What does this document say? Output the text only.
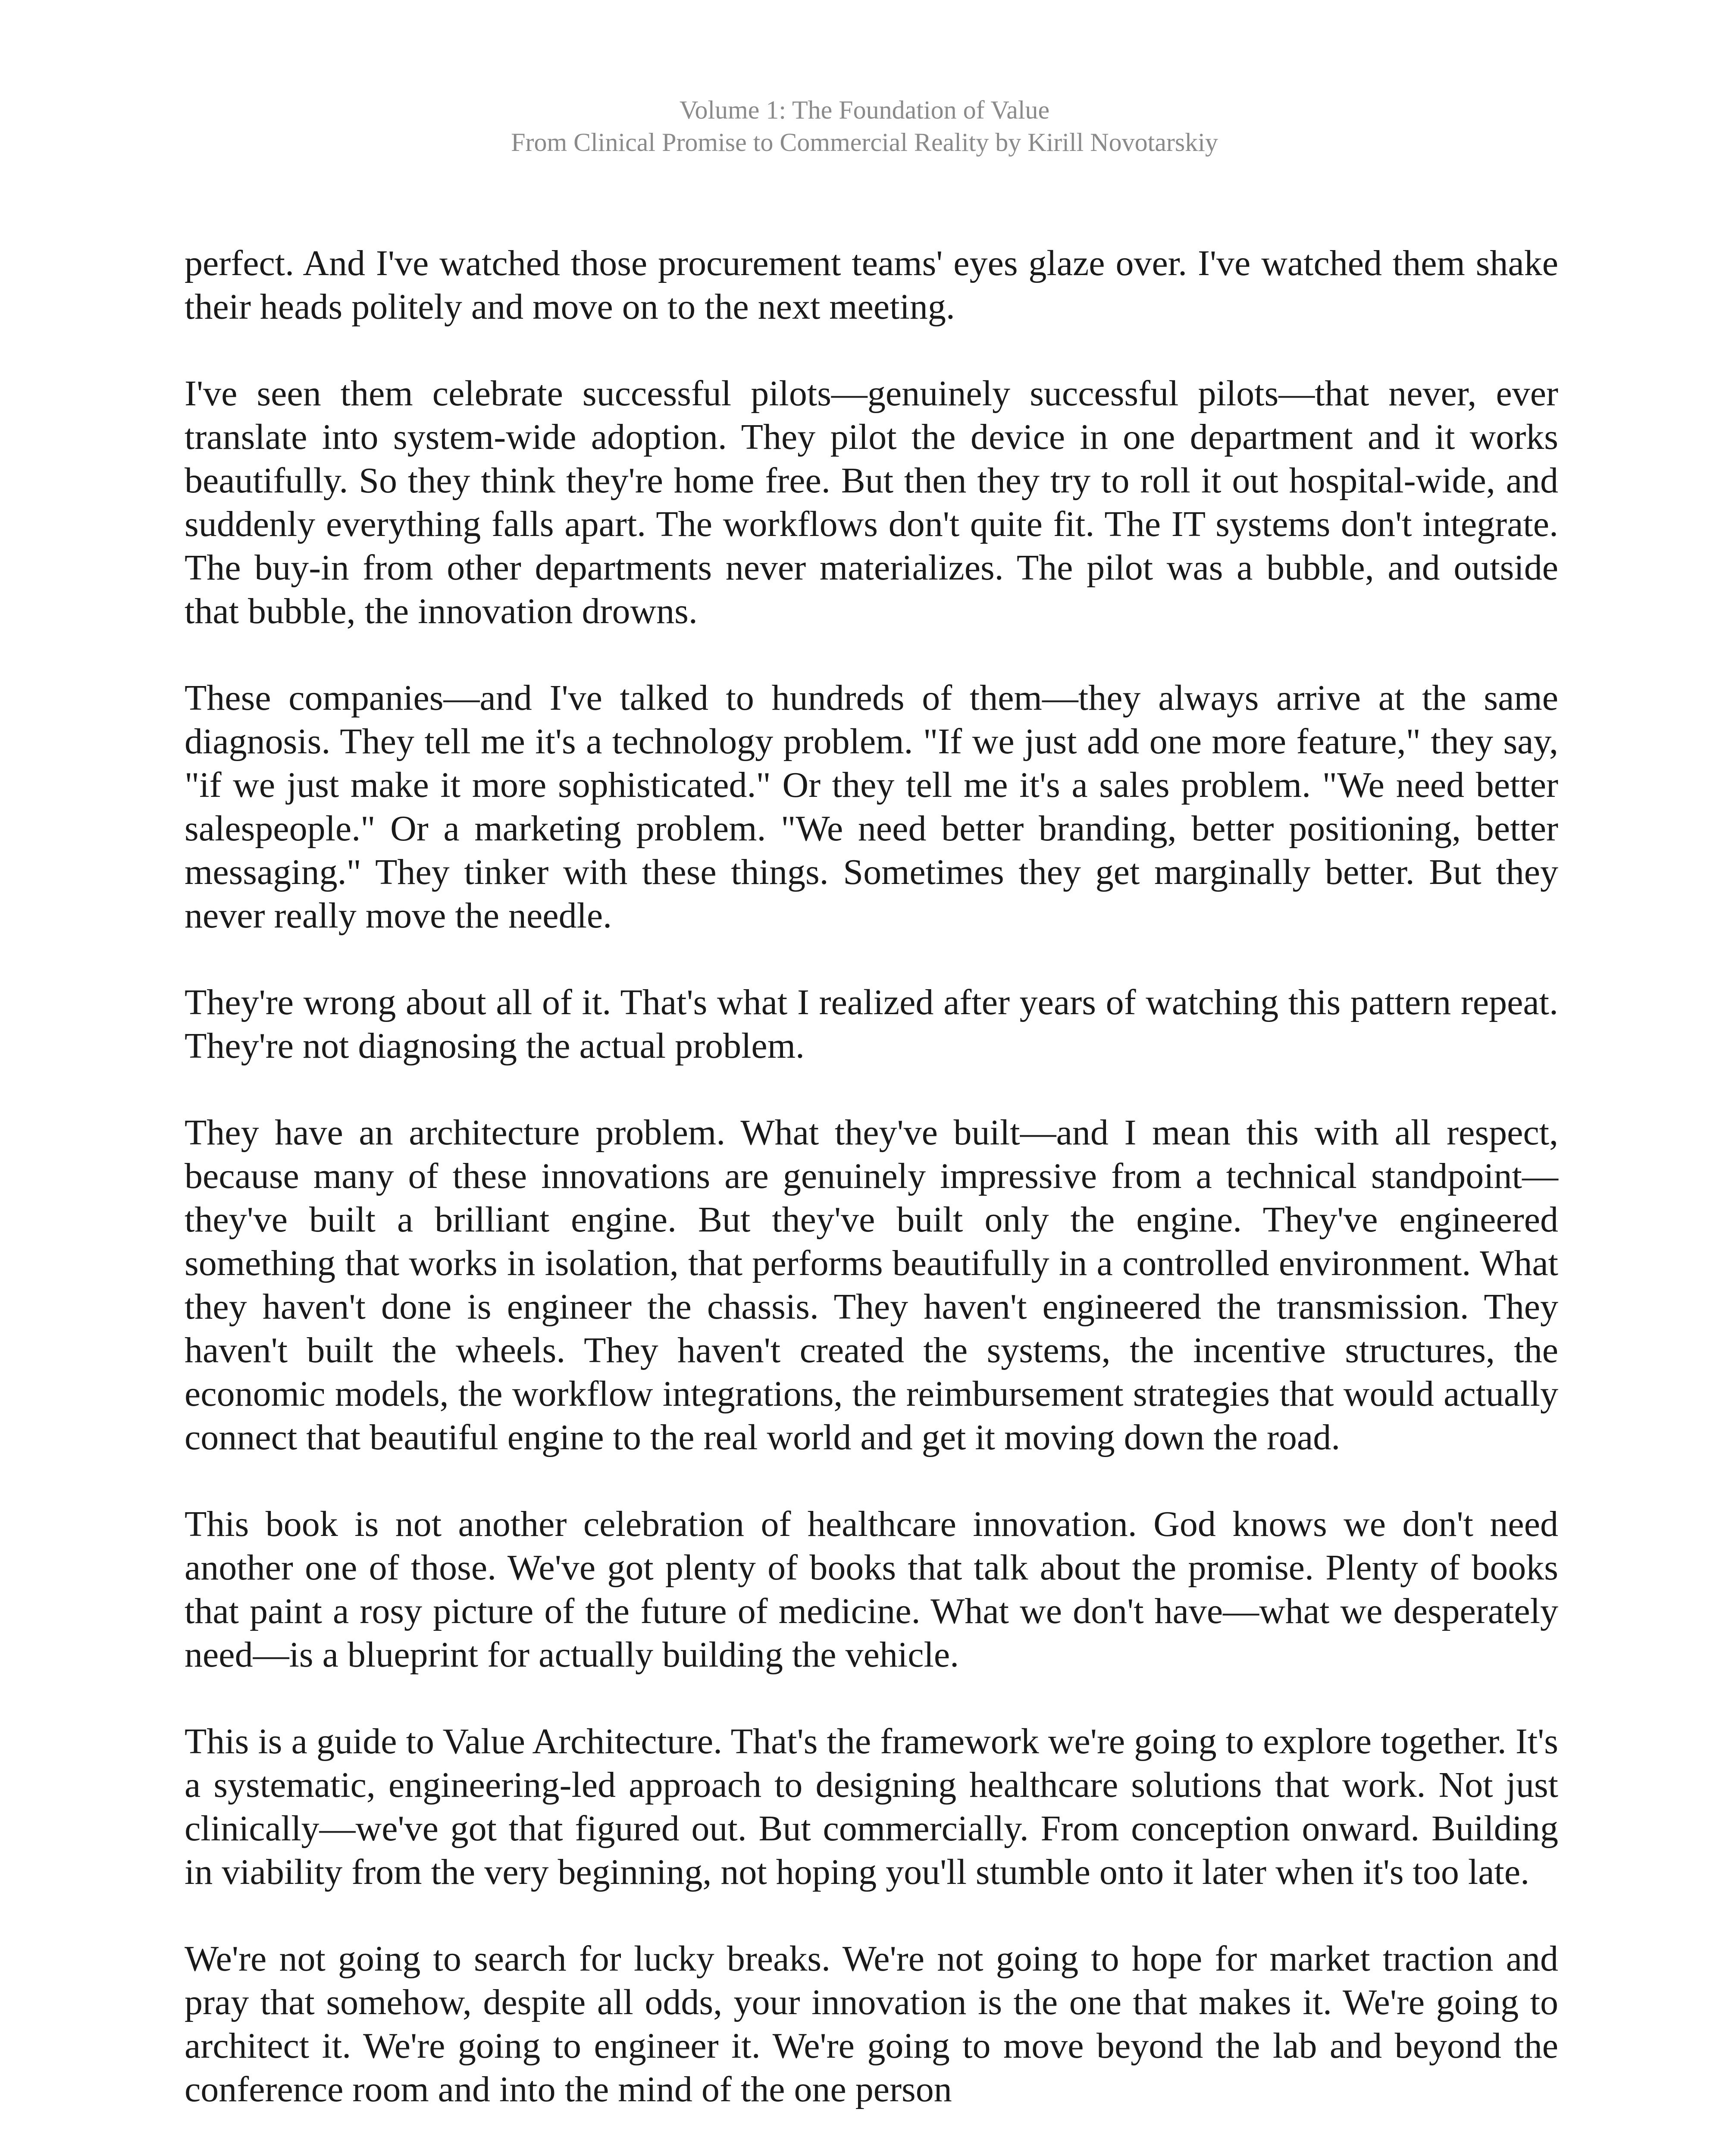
Volume 1: The Foundation of Value
From Clinical Promise to Commercial Reality by Kirill Novotarskiy

perfect. And I've watched those procurement teams' eyes glaze over. I've watched them shake their heads politely and move on to the next meeting.

I've seen them celebrate successful pilots—genuinely successful pilots—that never, ever translate into system-wide adoption. They pilot the device in one department and it works beautifully. So they think they're home free. But then they try to roll it out hospital-wide, and suddenly everything falls apart. The workflows don't quite fit. The IT systems don't integrate. The buy-in from other departments never materializes. The pilot was a bubble, and outside that bubble, the innovation drowns.

These companies—and I've talked to hundreds of them—they always arrive at the same diagnosis. They tell me it's a technology problem. "If we just add one more feature," they say, "if we just make it more sophisticated." Or they tell me it's a sales problem. "We need better salespeople." Or a marketing problem. "We need better branding, better positioning, better messaging." They tinker with these things. Sometimes they get marginally better. But they never really move the needle.

They're wrong about all of it. That's what I realized after years of watching this pattern repeat. They're not diagnosing the actual problem.

They have an architecture problem. What they've built—and I mean this with all respect, because many of these innovations are genuinely impressive from a technical standpoint—they've built a brilliant engine. But they've built only the engine. They've engineered something that works in isolation, that performs beautifully in a controlled environment. What they haven't done is engineer the chassis. They haven't engineered the transmission. They haven't built the wheels. They haven't created the systems, the incentive structures, the economic models, the workflow integrations, the reimbursement strategies that would actually connect that beautiful engine to the real world and get it moving down the road.

This book is not another celebration of healthcare innovation. God knows we don't need another one of those. We've got plenty of books that talk about the promise. Plenty of books that paint a rosy picture of the future of medicine. What we don't have—what we desperately need—is a blueprint for actually building the vehicle.

This is a guide to Value Architecture. That's the framework we're going to explore together. It's a systematic, engineering-led approach to designing healthcare solutions that work. Not just clinically—we've got that figured out. But commercially. From conception onward. Building in viability from the very beginning, not hoping you'll stumble onto it later when it's too late.

We're not going to search for lucky breaks. We're not going to hope for market traction and pray that somehow, despite all odds, your innovation is the one that makes it. We're going to architect it. We're going to engineer it. We're going to move beyond the lab and beyond the conference room and into the mind of the one person
